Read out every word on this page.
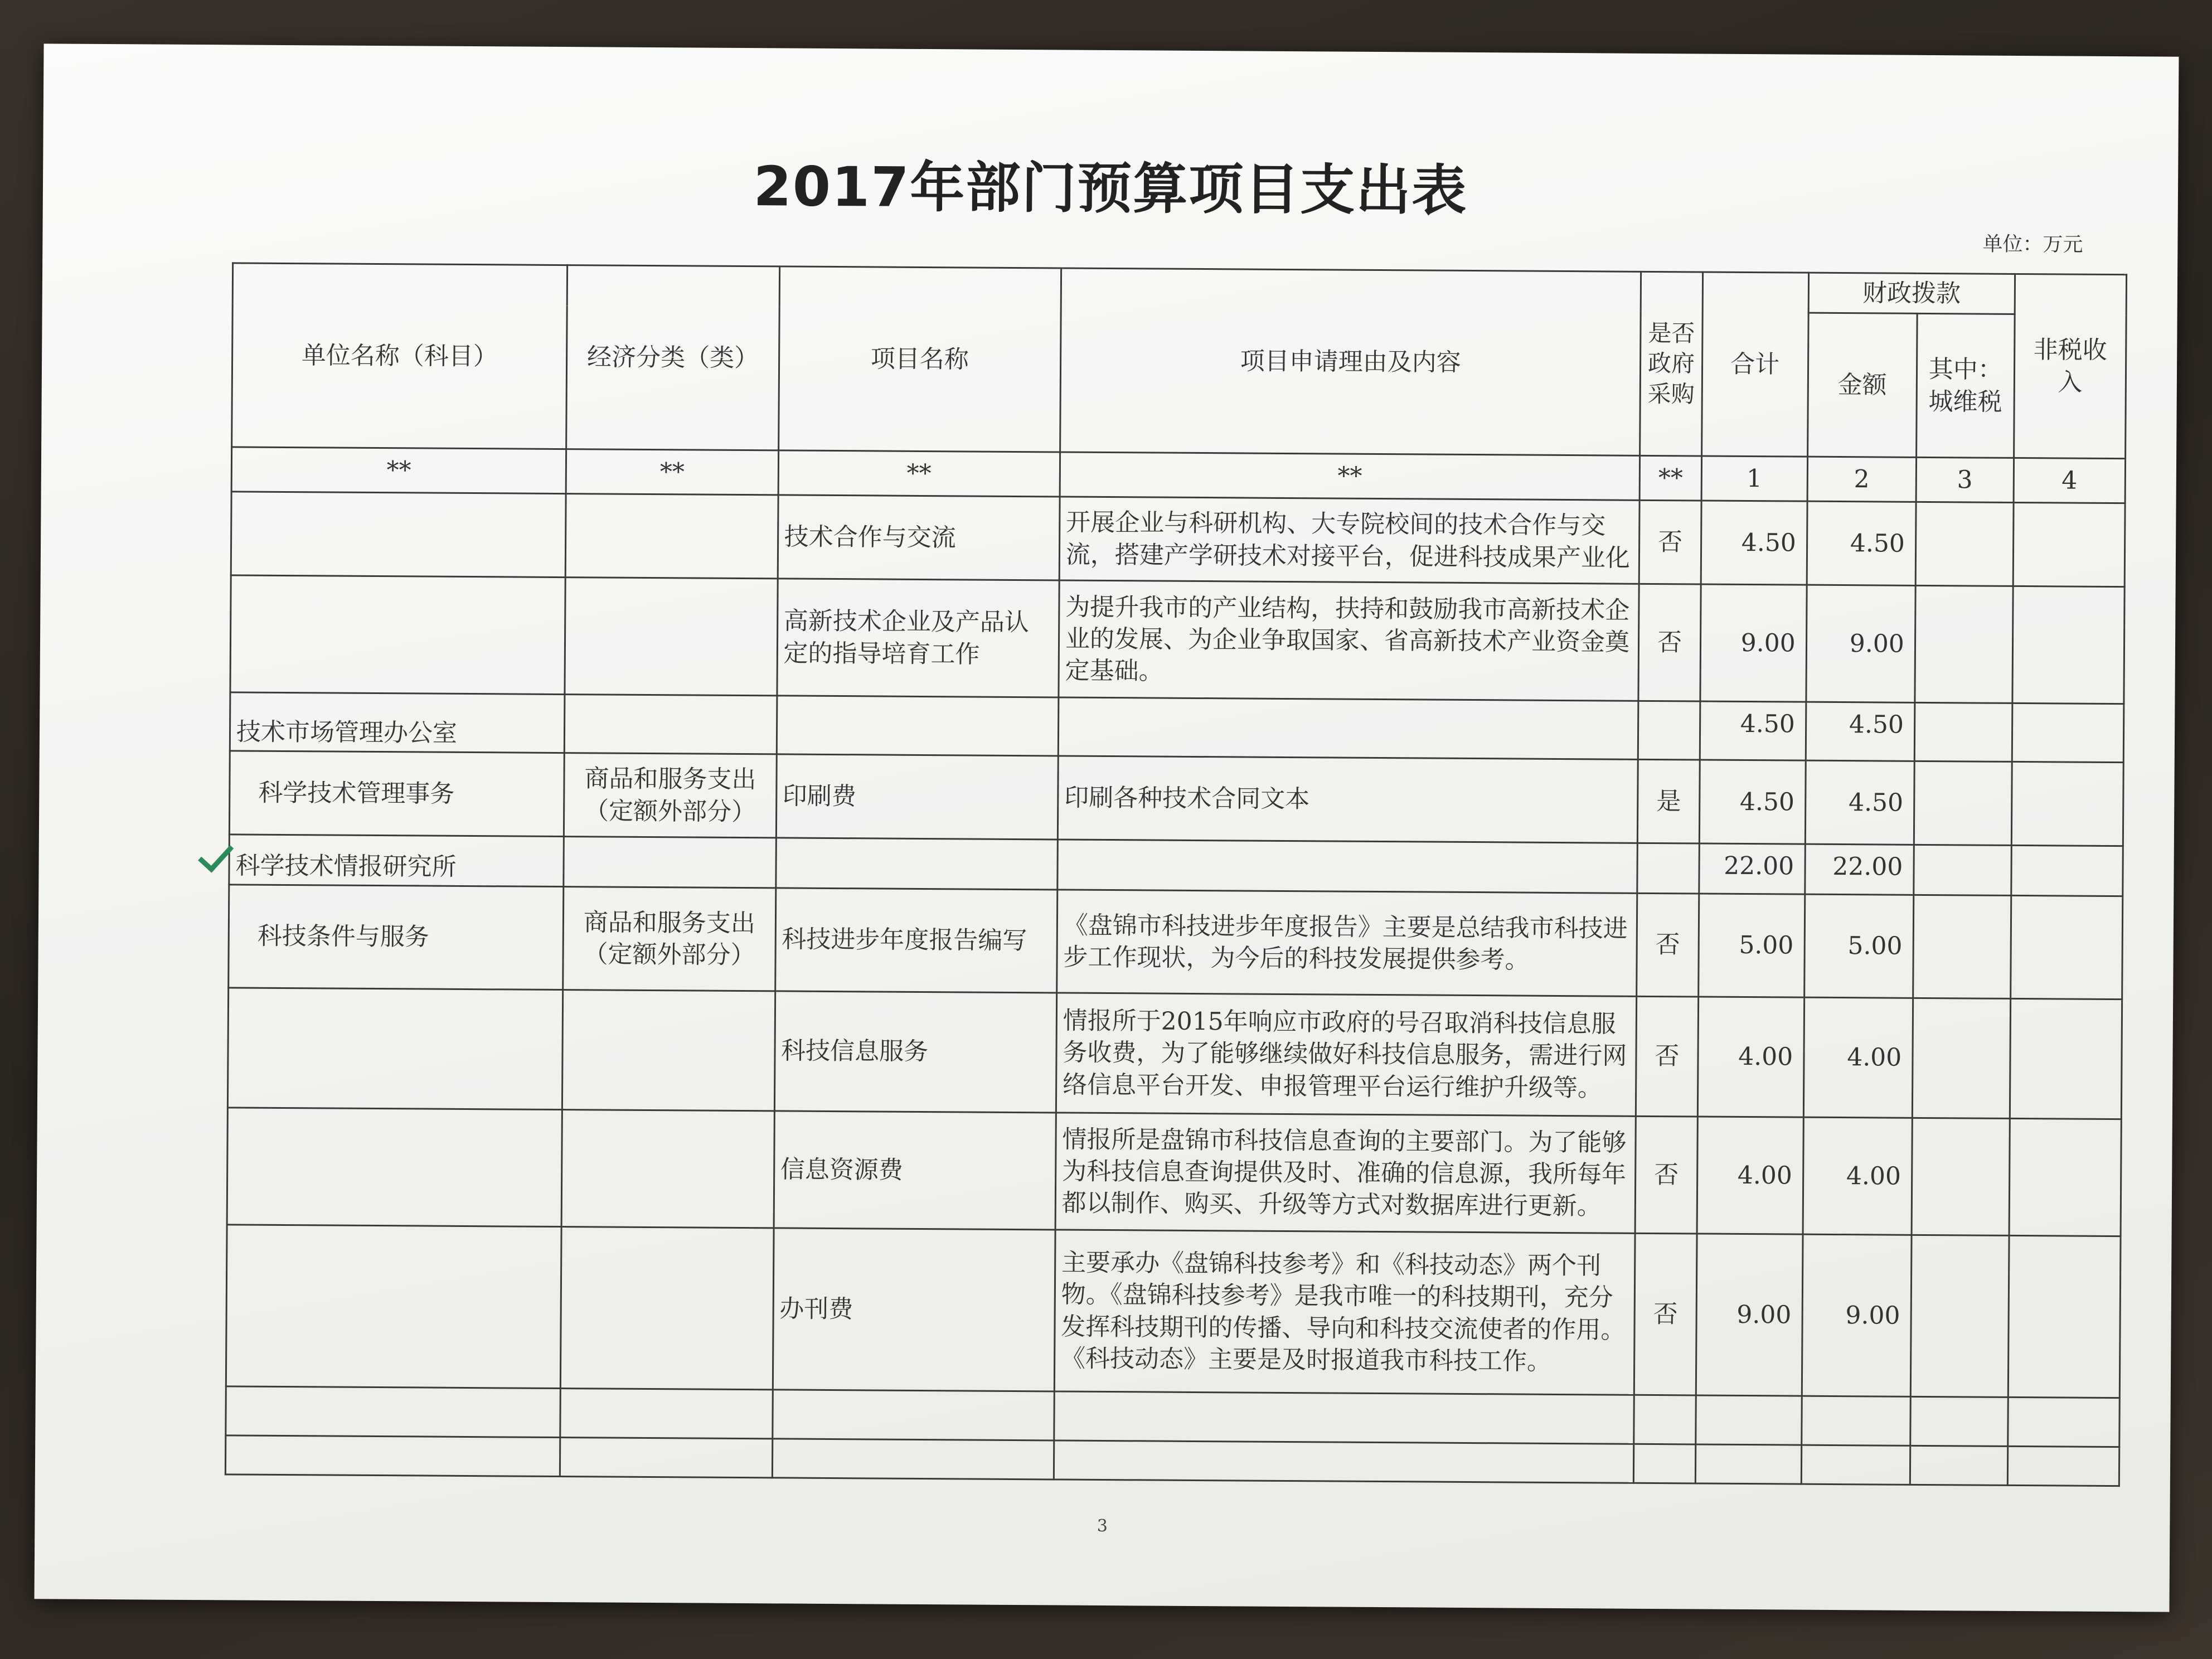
2017年部门预算项目支出表
单位：万元
单位名称（科目）	经济分类（类）	项目名称	项目申请理由及内容	是否政府采购	合计	财政拨款		非税收入
						金额	其中：城维税	
**	**	**	**	**	1	2	3	4
		技术合作与交流	开展企业与科研机构、大专院校间的技术合作与交流，搭建产学研技术对接平台，促进科技成果产业化	否	4.50	4.50		
		高新技术企业及产品认定的指导培育工作	为提升我市的产业结构，扶持和鼓励我市高新技术企业的发展、为企业争取国家、省高新技术产业资金奠定基础。	否	9.00	9.00		
技术市场管理办公室					4.50	4.50		
科学技术管理事务	商品和服务支出（定额外部分）	印刷费	印刷各种技术合同文本	是	4.50	4.50		
科学技术情报研究所					22.00	22.00		
科技条件与服务	商品和服务支出（定额外部分）	科技进步年度报告编写	《盘锦市科技进步年度报告》主要是总结我市科技进步工作现状，为今后的科技发展提供参考。	否	5.00	5.00		
		科技信息服务	情报所于2015年响应市政府的号召取消科技信息服务收费，为了能够继续做好科技信息服务，需进行网络信息平台开发、申报管理平台运行维护升级等。	否	4.00	4.00		
		信息资源费	情报所是盘锦市科技信息查询的主要部门。为了能够为科技信息查询提供及时、准确的信息源，我所每年都以制作、购买、升级等方式对数据库进行更新。	否	4.00	4.00		
		办刊费	主要承办《盘锦科技参考》和《科技动态》两个刊物。《盘锦科技参考》是我市唯一的科技期刊，充分发挥科技期刊的传播、导向和科技交流使者的作用。《科技动态》主要是及时报道我市科技工作。	否	9.00	9.00		

3
